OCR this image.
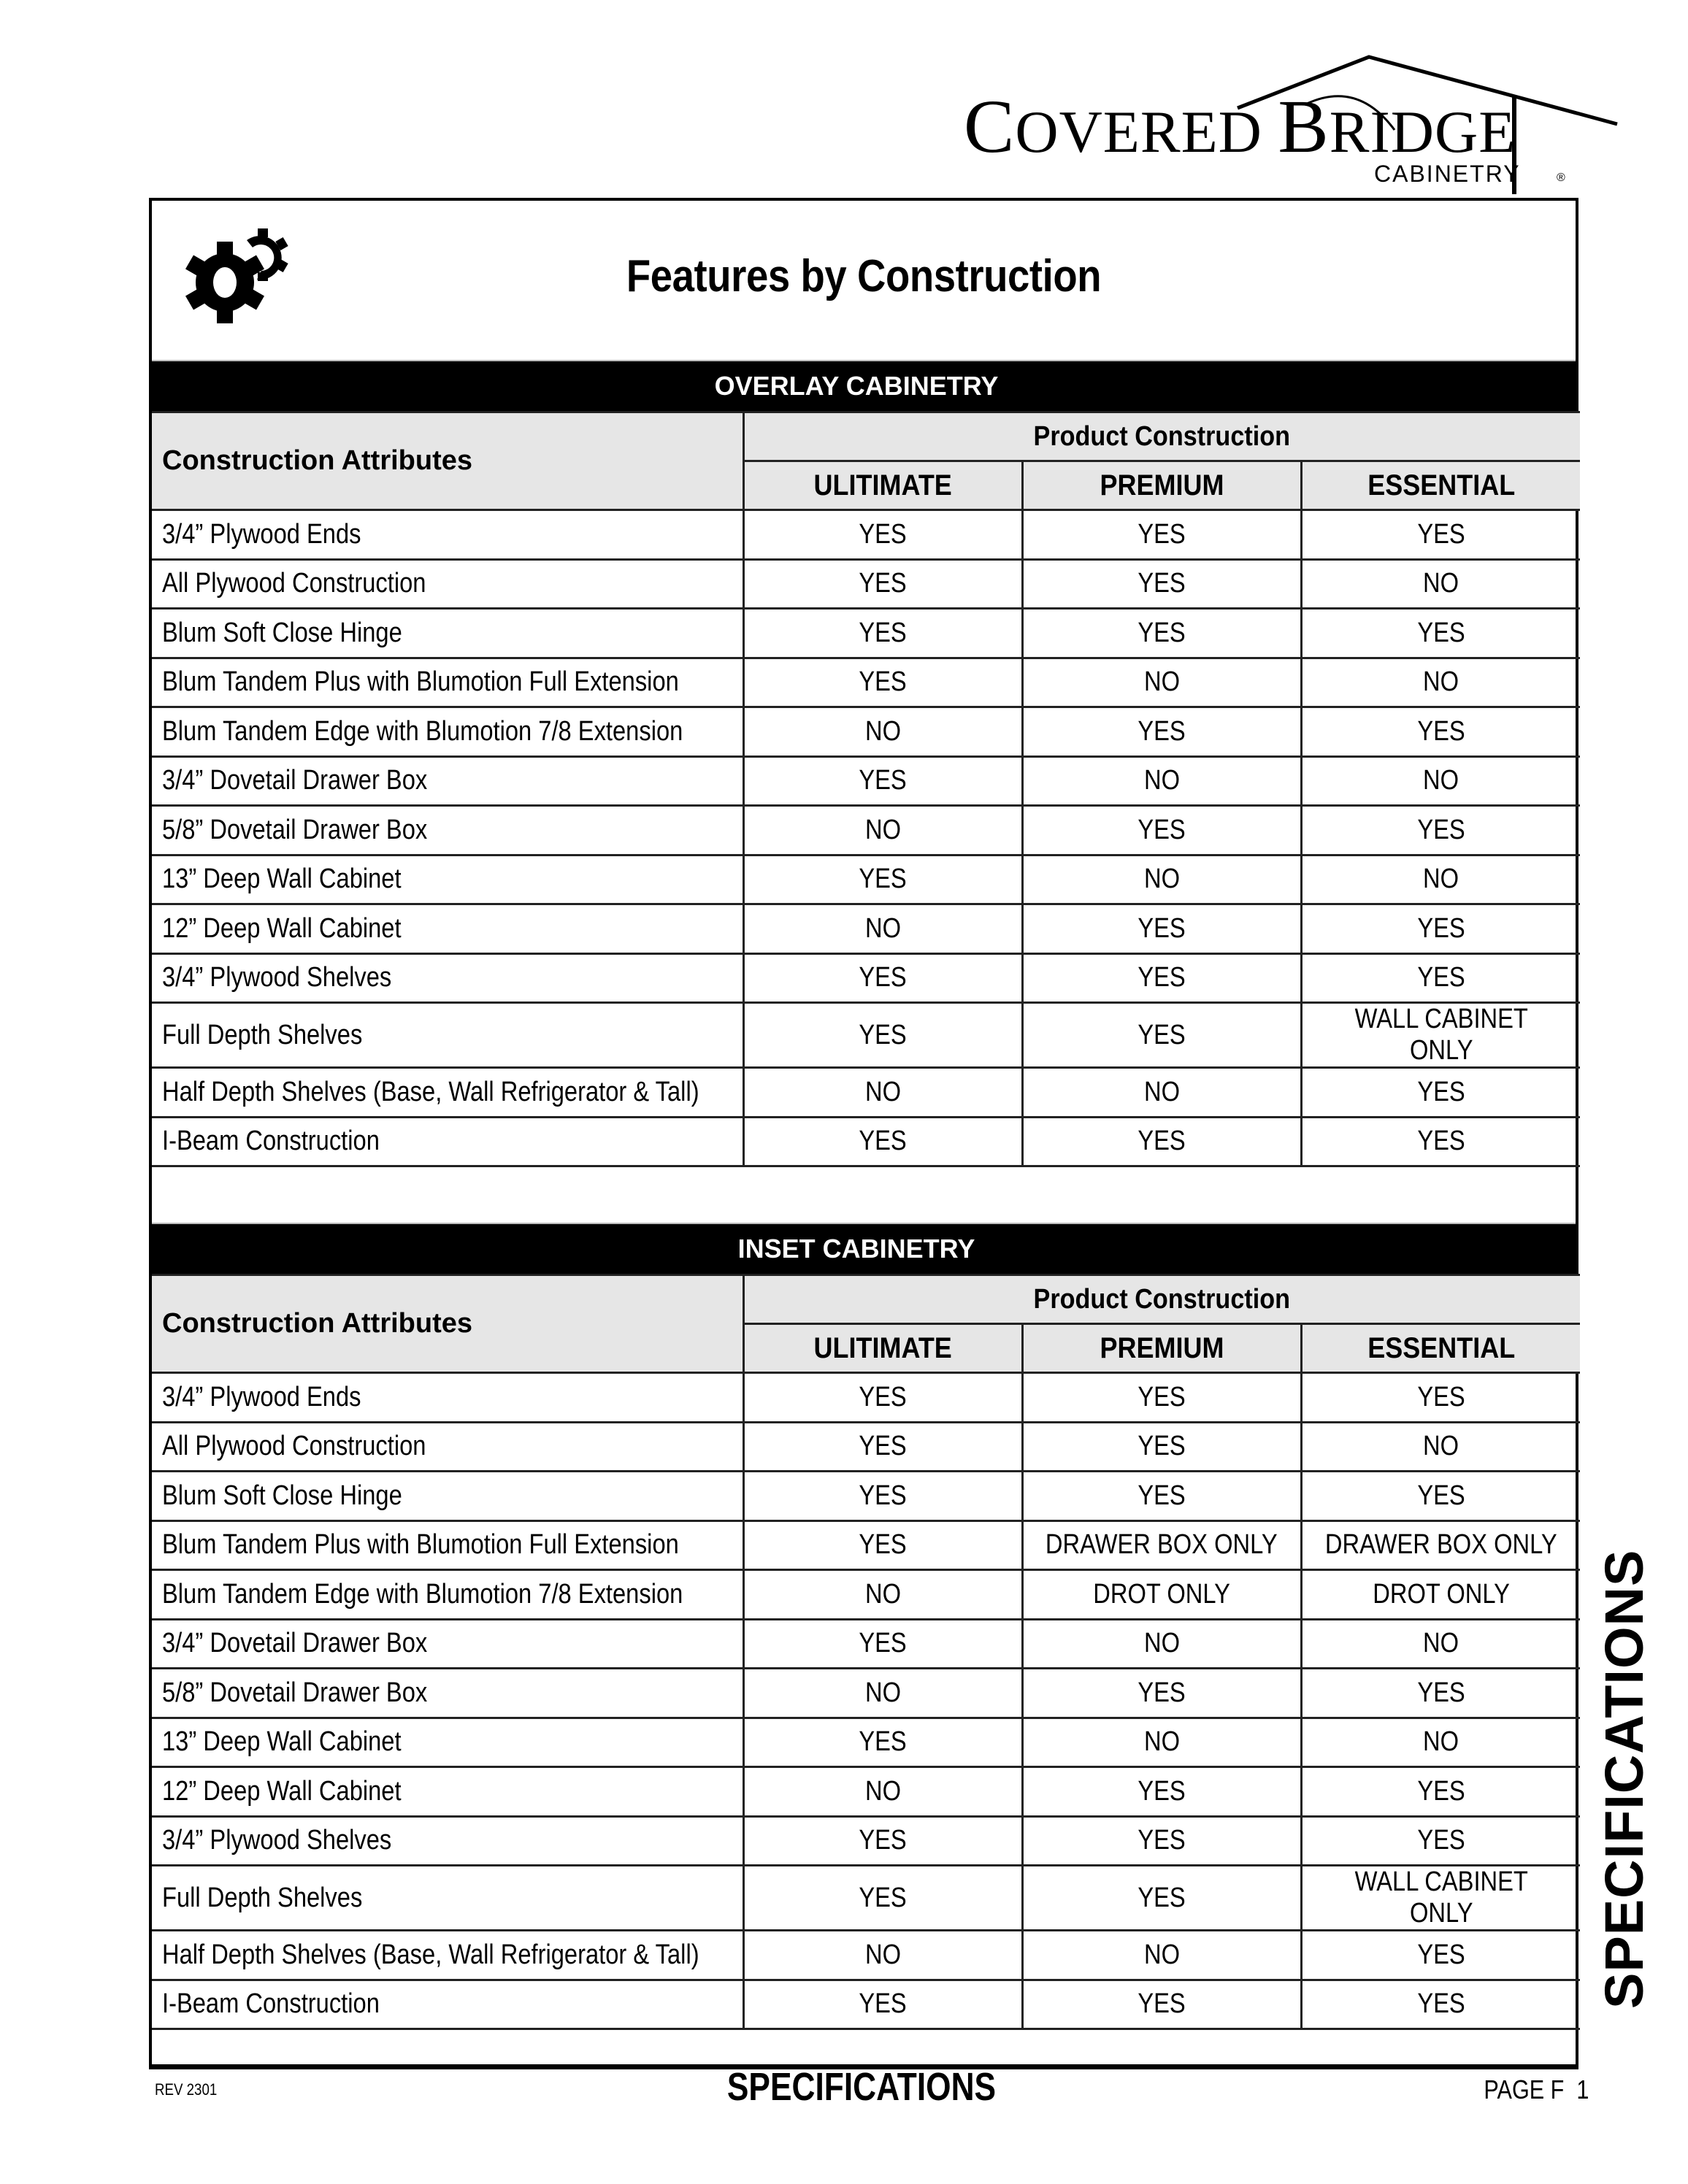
COVERED BRIDGE
CABINETRY	®
Features by Construction
OVERLAY CABINETRY
Construction Attributes	Product Construction		
	ULITIMATE	PREMIUM	ESSENTIAL
3/4” Plywood Ends	YES	YES	YES
All Plywood Construction	YES	YES	NO
Blum Soft Close Hinge	YES	YES	YES
Blum Tandem Plus with Blumotion Full Extension	YES	NO	NO
Blum Tandem Edge with Blumotion 7/8 Extension	NO	YES	YES
3/4” Dovetail Drawer Box	YES	NO	NO
5/8” Dovetail Drawer Box	NO	YES	YES
13” Deep Wall Cabinet	YES	NO	NO
12” Deep Wall Cabinet	NO	YES	YES
3/4” Plywood Shelves	YES	YES	YES
Full Depth Shelves	YES	YES	WALL CABINET ONLY
Half Depth Shelves (Base, Wall Refrigerator & Tall)	NO	NO	YES
I-Beam Construction	YES	YES	YES
INSET CABINETRY
Construction Attributes	Product Construction		
	ULITIMATE	PREMIUM	ESSENTIAL
3/4” Plywood Ends	YES	YES	YES
All Plywood Construction	YES	YES	NO
Blum Soft Close Hinge	YES	YES	YES
Blum Tandem Plus with Blumotion Full Extension	YES	DRAWER BOX ONLY	DRAWER BOX ONLY
Blum Tandem Edge with Blumotion 7/8 Extension	NO	DROT ONLY	DROT ONLY
3/4” Dovetail Drawer Box	YES	NO	NO
5/8” Dovetail Drawer Box	NO	YES	YES
13” Deep Wall Cabinet	YES	NO	NO
12” Deep Wall Cabinet	NO	YES	YES
3/4” Plywood Shelves	YES	YES	YES
Full Depth Shelves	YES	YES	WALL CABINET ONLY
Half Depth Shelves (Base, Wall Refrigerator & Tall)	NO	NO	YES
I-Beam Construction	YES	YES	YES
REV 2301	SPECIFICATIONS	PAGE F  1
SPECIFICATIONS
